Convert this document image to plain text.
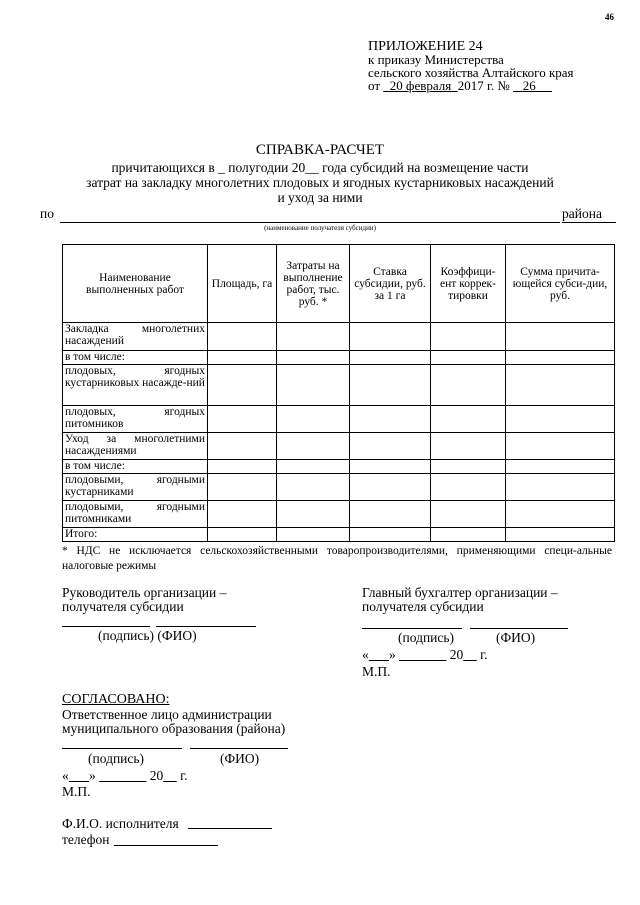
46
ПРИЛОЖЕНИЕ 24
к приказу Министерства
сельского хозяйства Алтайского края
от 20 февраля 2017 г. № 26
СПРАВКА-РАСЧЕТ
причитающихся в _ полугодии 20__ года субсидий на возмещение части
затрат на закладку многолетних плодовых и ягодных кустарниковых насаждений
и уход за ними
по	района
(наименование получателя субсидии)
Наименование выполненных работ	Площадь, га	Затраты на выполнение работ, тыс. руб. *	Ставка субсидии, руб. за 1 га	Коэффици-ент коррек-тировки	Сумма причита-ющейся субси-дии, руб.
Закладка многолетних насаждений					
в том числе:					
плодовых, ягодных кустарниковых насажде-ний					
плодовых, ягодных питомников					
Уход за многолетними насаждениями					
в том числе:					
плодовыми, ягодными кустарниками					
плодовыми, ягодными питомниками					
Итого:					
* НДС не исключается сельскохозяйственными товаропроизводителями, применяющими специ-альные налоговые режимы
Руководитель организации –
получателя субсидии
(подпись) (ФИО)
Главный бухгалтер организации –
получателя субсидии
(подпись)	(ФИО)
« »	20 г.
М.П.
СОГЛАСОВАНО:
Ответственное лицо администрации
муниципального образования (района)
(подпись)	(ФИО)
« »	20 г.
М.П.
Ф.И.О. исполнителя
телефон
